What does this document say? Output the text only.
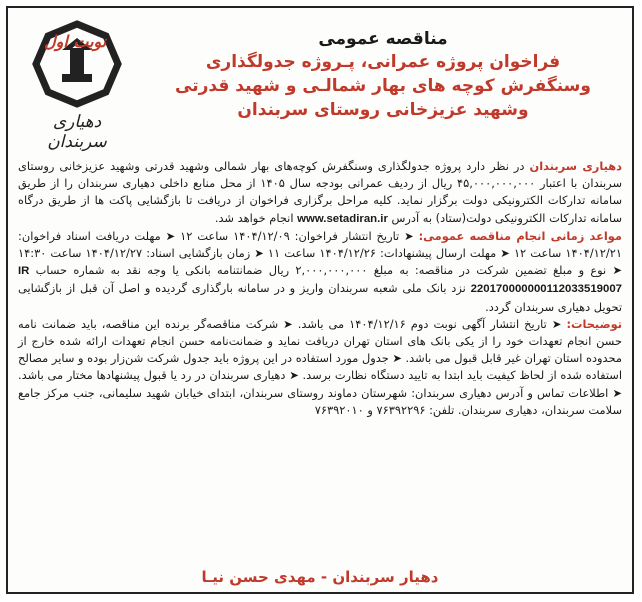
دهیاری سربندان
نوبت اول	مناقصه عمومی
فراخوان پروژه عمرانی، پـروژه جدولگذاری
وسنگفرش کوچه های بهار شمالـی و شهید قدرتی
وشهید عزیزخانی روستای سربندان

دهیاری سربندان در نظر دارد پروژه جدولگذاری وسنگفرش کوچه‌های بهار شمالی وشهید قدرتی وشهید عزیزخانی روستای سربندان با اعتبار ۴۵,۰۰۰,۰۰۰,۰۰۰ ریال از ردیف عمرانی بودجه سال ۱۴۰۵ از محل منابع داخلی دهیاری سربندان را از طریق سامانه تدارکات الکترونیکی دولت برگزار نماید. کلیه مراحل برگزاری فراخوان از دریافت تا بازگشایی پاکت ها از طریق درگاه سامانه تدارکات الکترونیکی دولت(ستاد) به آدرس www.setadiran.ir انجام خواهد شد.

مواعد زمانی انجام مناقصه عمومی: ➤ تاریخ انتشار فراخوان: ۱۴۰۴/۱۲/۰۹ ساعت ۱۲ ➤ مهلت دریافت اسناد فراخوان: ۱۴۰۴/۱۲/۲۱ ساعت ۱۲ ➤ مهلت ارسال پیشنهادات: ۱۴۰۴/۱۲/۲۶ ساعت ۱۱ ➤ زمان بازگشایی اسناد: ۱۴۰۴/۱۲/۲۷ ساعت ۱۴:۳۰ ➤ نوع و مبلغ تضمین شرکت در مناقصه: به مبلغ ۲,۰۰۰,۰۰۰,۰۰۰ ریال ضمانتنامه بانکی یا وجه نقد به شماره حساب IR 220170000000112033519007 نزد بانک ملی شعبه سربندان واریز و در سامانه بارگذاری گردیده و اصل آن قبل از بازگشایی تحویل دهیاری سربندان گردد.

توضیحات: ➤ تاریخ انتشار آگهی نوبت دوم ۱۴۰۴/۱۲/۱۶ می باشد. ➤ شرکت مناقصه‌گر برنده این مناقصه، باید ضمانت نامه حسن انجام تعهدات خود را از یکی بانک های استان تهران دریافت نماید و ضمانت‌نامه حسن انجام تعهدات ارائه شده خارج از محدوده استان تهران غیر قابل قبول می باشد. ➤ جدول مورد استفاده در این پروژه باید جدول شرکت شن‌زار بوده و سایر مصالح استفاده شده از لحاظ کیفیت باید ابتدا به تایید دستگاه نظارت برسد. ➤ دهیاری سربندان در رد یا قبول پیشنهادها مختار می باشد. ➤ اطلاعات تماس و آدرس دهیاری سربندان: شهرستان دماوند روستای سربندان، ابتدای خیابان شهید سلیمانی، جنب مرکز جامع سلامت سربندان، دهیاری سربندان. تلفن: ۷۶۳۹۲۲۹۶ و ۷۶۳۹۲۰۱۰

دهیار سربندان - مهدی حسن نیـا
